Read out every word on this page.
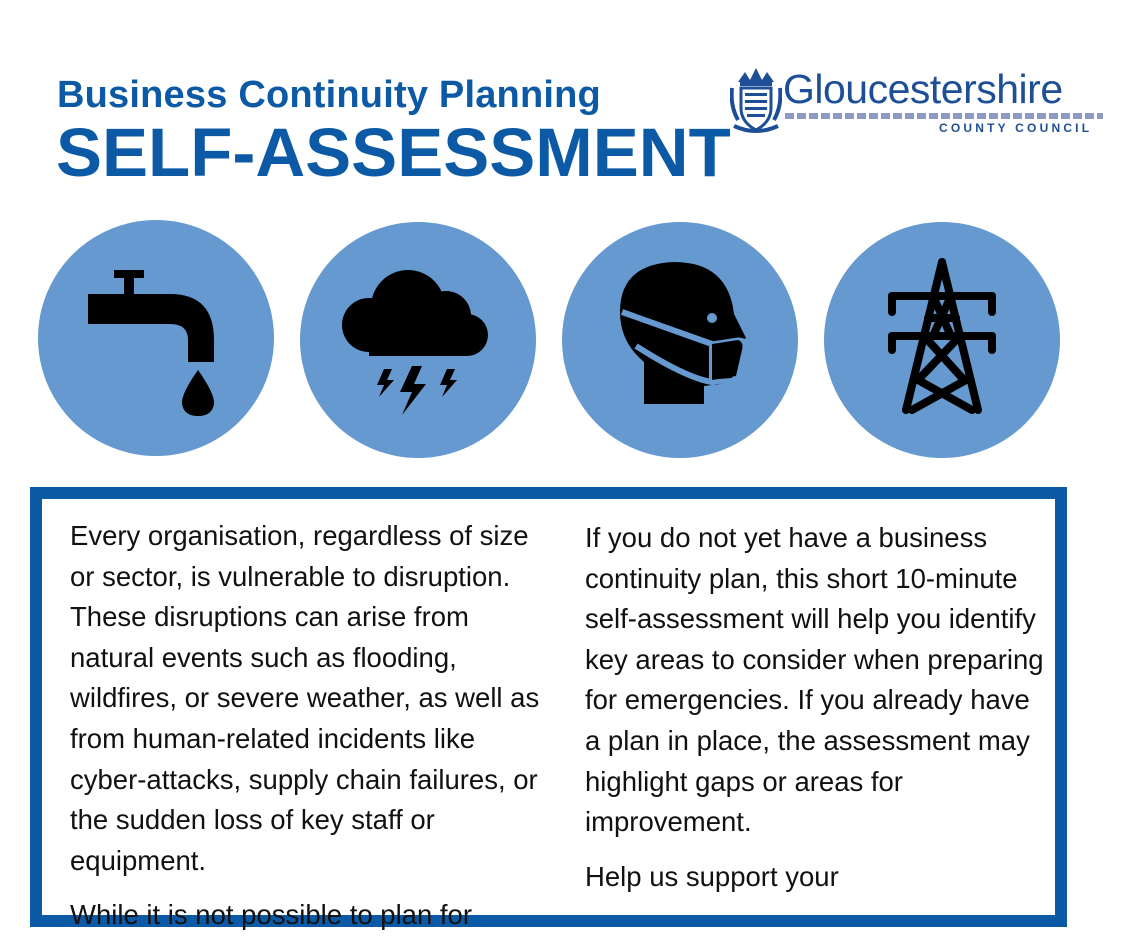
Business Continuity Planning
SELF-ASSESSMENT
Gloucestershire
COUNTY COUNCIL

Every organisation, regardless of size or sector, is vulnerable to disruption. These disruptions can arise from natural events such as flooding, wildfires, or severe weather, as well as from human-related incidents like cyber-attacks, supply chain failures, or the sudden loss of key staff or equipment.

While it is not possible to plan for

If you do not yet have a business continuity plan, this short 10-minute self-assessment will help you identify key areas to consider when preparing for emergencies. If you already have a plan in place, the assessment may highlight gaps or areas for improvement.

Help us support your
